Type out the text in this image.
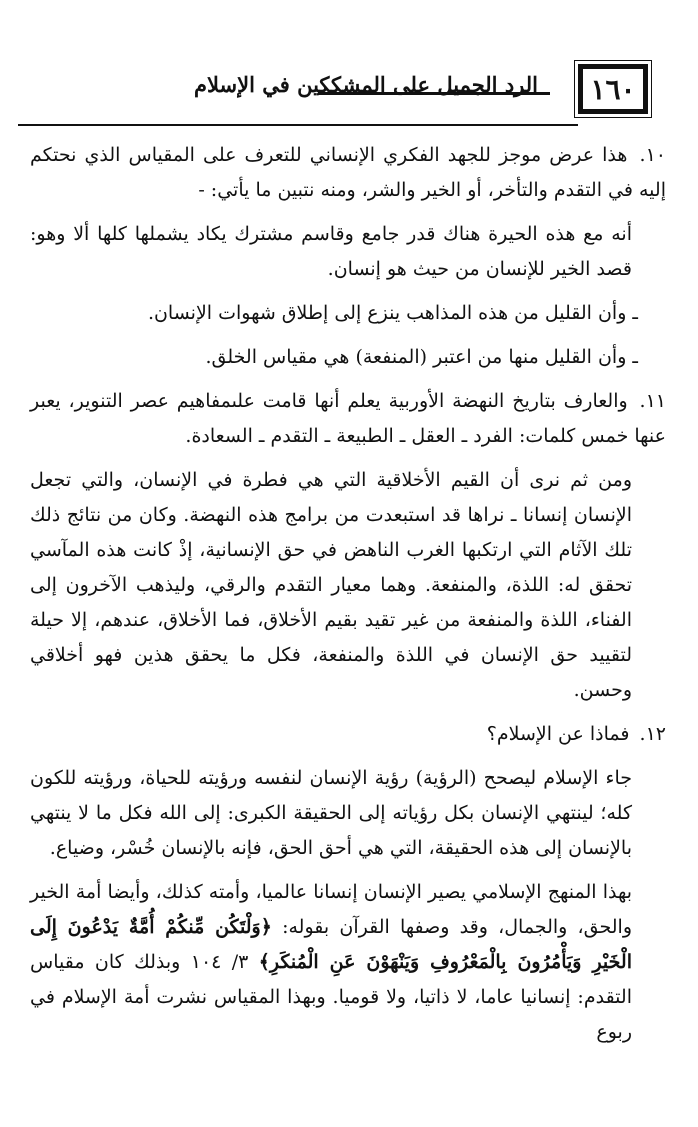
١٦٠
الرد الجميل على المشككين في الإسلام

١٠. هذا عرض موجز للجهد الفكري الإنساني للتعرف على المقياس الذي نحتكم إليه في التقدم والتأخر، أو الخير والشر، ومنه نتبين ما يأتي: -

أنه مع هذه الحيرة هناك قدر جامع وقاسم مشترك يكاد يشملها كلها ألا وهو: قصد الخير للإنسان من حيث هو إنسان.

ـ وأن القليل من هذه المذاهب ينزع إلى إطلاق شهوات الإنسان.

ـ وأن القليل منها من اعتبر (المنفعة) هي مقياس الخلق.

١١. والعارف بتاريخ النهضة الأوربية يعلم أنها قامت علىمفاهيم عصر التنوير، يعبر عنها خمس كلمات: الفرد ـ العقل ـ الطبيعة ـ التقدم ـ السعادة.

ومن ثم نرى أن القيم الأخلاقية التي هي فطرة في الإنسان، والتي تجعل الإنسان إنسانا ـ نراها قد استبعدت من برامج هذه النهضة. وكان من نتائج ذلك تلك الآثام التي ارتكبها الغرب الناهض في حق الإنسانية، إذْ كانت هذه المآسي تحقق له: اللذة، والمنفعة. وهما معيار التقدم والرقي، وليذهب الآخرون إلى الفناء، اللذة والمنفعة من غير تقيد بقيم الأخلاق، فما الأخلاق، عندهم، إلا حيلة لتقييد حق الإنسان في اللذة والمنفعة، فكل ما يحقق هذين فهو أخلاقي وحسن.

١٢. فماذا عن الإسلام؟

جاء الإسلام ليصحح (الرؤية) رؤية الإنسان لنفسه ورؤيته للحياة، ورؤيته للكون كله؛ لينتهي الإنسان بكل رؤياته إلى الحقيقة الكبرى: إلى الله فكل ما لا ينتهي بالإنسان إلى هذه الحقيقة، التي هي أحق الحق، فإنه بالإنسان خُسْر، وضياع.

بهذا المنهج الإسلامي يصير الإنسان إنسانا عالميا، وأمته كذلك، وأيضا أمة الخير والحق، والجمال، وقد وصفها القرآن بقوله: ﴿وَلْتَكُن مِّنكُمْ أُمَّةٌ يَدْعُونَ إِلَى الْخَيْرِ وَيَأْمُرُونَ بِالْمَعْرُوفِ وَيَنْهَوْنَ عَنِ الْمُنكَرِ﴾ ٣/ ١٠٤ وبذلك كان مقياس التقدم: إنسانيا عاما، لا ذاتيا، ولا قوميا. وبهذا المقياس نشرت أمة الإسلام في ربوع
